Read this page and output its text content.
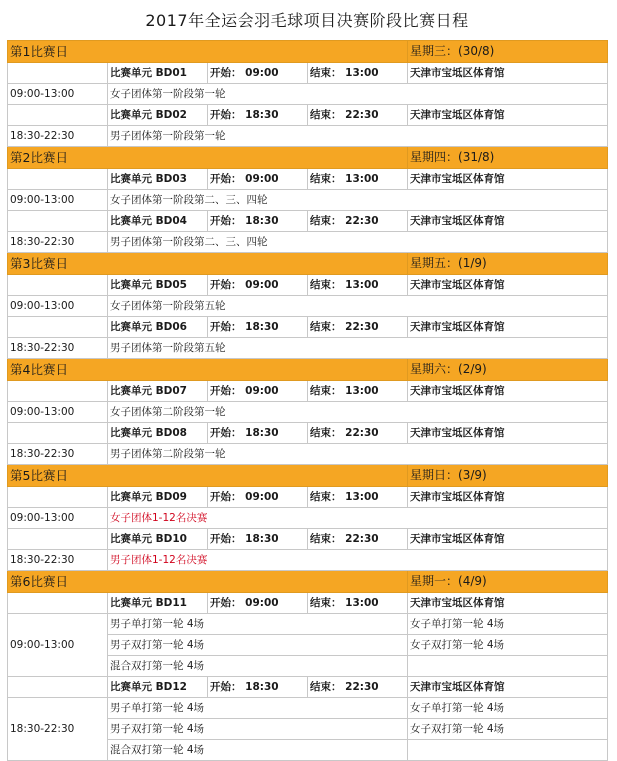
2017年全运会羽毛球项目决赛阶段比赛日程
第1比赛日				星期三：(30/8)
	比赛单元 BD01	开始： 09:00	结束： 13:00	天津市宝坻区体育馆
09:00-13:00	女子团体第一阶段第一轮			
	比赛单元 BD02	开始： 18:30	结束： 22:30	天津市宝坻区体育馆
18:30-22:30	男子团体第一阶段第一轮			
第2比赛日				星期四：(31/8)
	比赛单元 BD03	开始： 09:00	结束： 13:00	天津市宝坻区体育馆
09:00-13:00	女子团体第一阶段第二、三、四轮			
	比赛单元 BD04	开始： 18:30	结束： 22:30	天津市宝坻区体育馆
18:30-22:30	男子团体第一阶段第二、三、四轮			
第3比赛日				星期五：(1/9)
	比赛单元 BD05	开始： 09:00	结束： 13:00	天津市宝坻区体育馆
09:00-13:00	女子团体第一阶段第五轮			
	比赛单元 BD06	开始： 18:30	结束： 22:30	天津市宝坻区体育馆
18:30-22:30	男子团体第一阶段第五轮			
第4比赛日				星期六：(2/9)
	比赛单元 BD07	开始： 09:00	结束： 13:00	天津市宝坻区体育馆
09:00-13:00	女子团体第二阶段第一轮			
	比赛单元 BD08	开始： 18:30	结束： 22:30	天津市宝坻区体育馆
18:30-22:30	男子团体第二阶段第一轮			
第5比赛日				星期日：(3/9)
	比赛单元 BD09	开始： 09:00	结束： 13:00	天津市宝坻区体育馆
09:00-13:00	女子团体1-12名决赛			
	比赛单元 BD10	开始： 18:30	结束： 22:30	天津市宝坻区体育馆
18:30-22:30	男子团体1-12名决赛			
第6比赛日				星期一：(4/9)
	比赛单元 BD11	开始： 09:00	结束： 13:00	天津市宝坻区体育馆
09:00-13:00	男子单打第一轮 4场			女子单打第一轮 4场
	男子双打第一轮 4场			女子双打第一轮 4场
	混合双打第一轮 4场			
	比赛单元 BD12	开始： 18:30	结束： 22:30	天津市宝坻区体育馆
18:30-22:30	男子单打第一轮 4场			女子单打第一轮 4场
	男子双打第一轮 4场			女子双打第一轮 4场
	混合双打第一轮 4场			
